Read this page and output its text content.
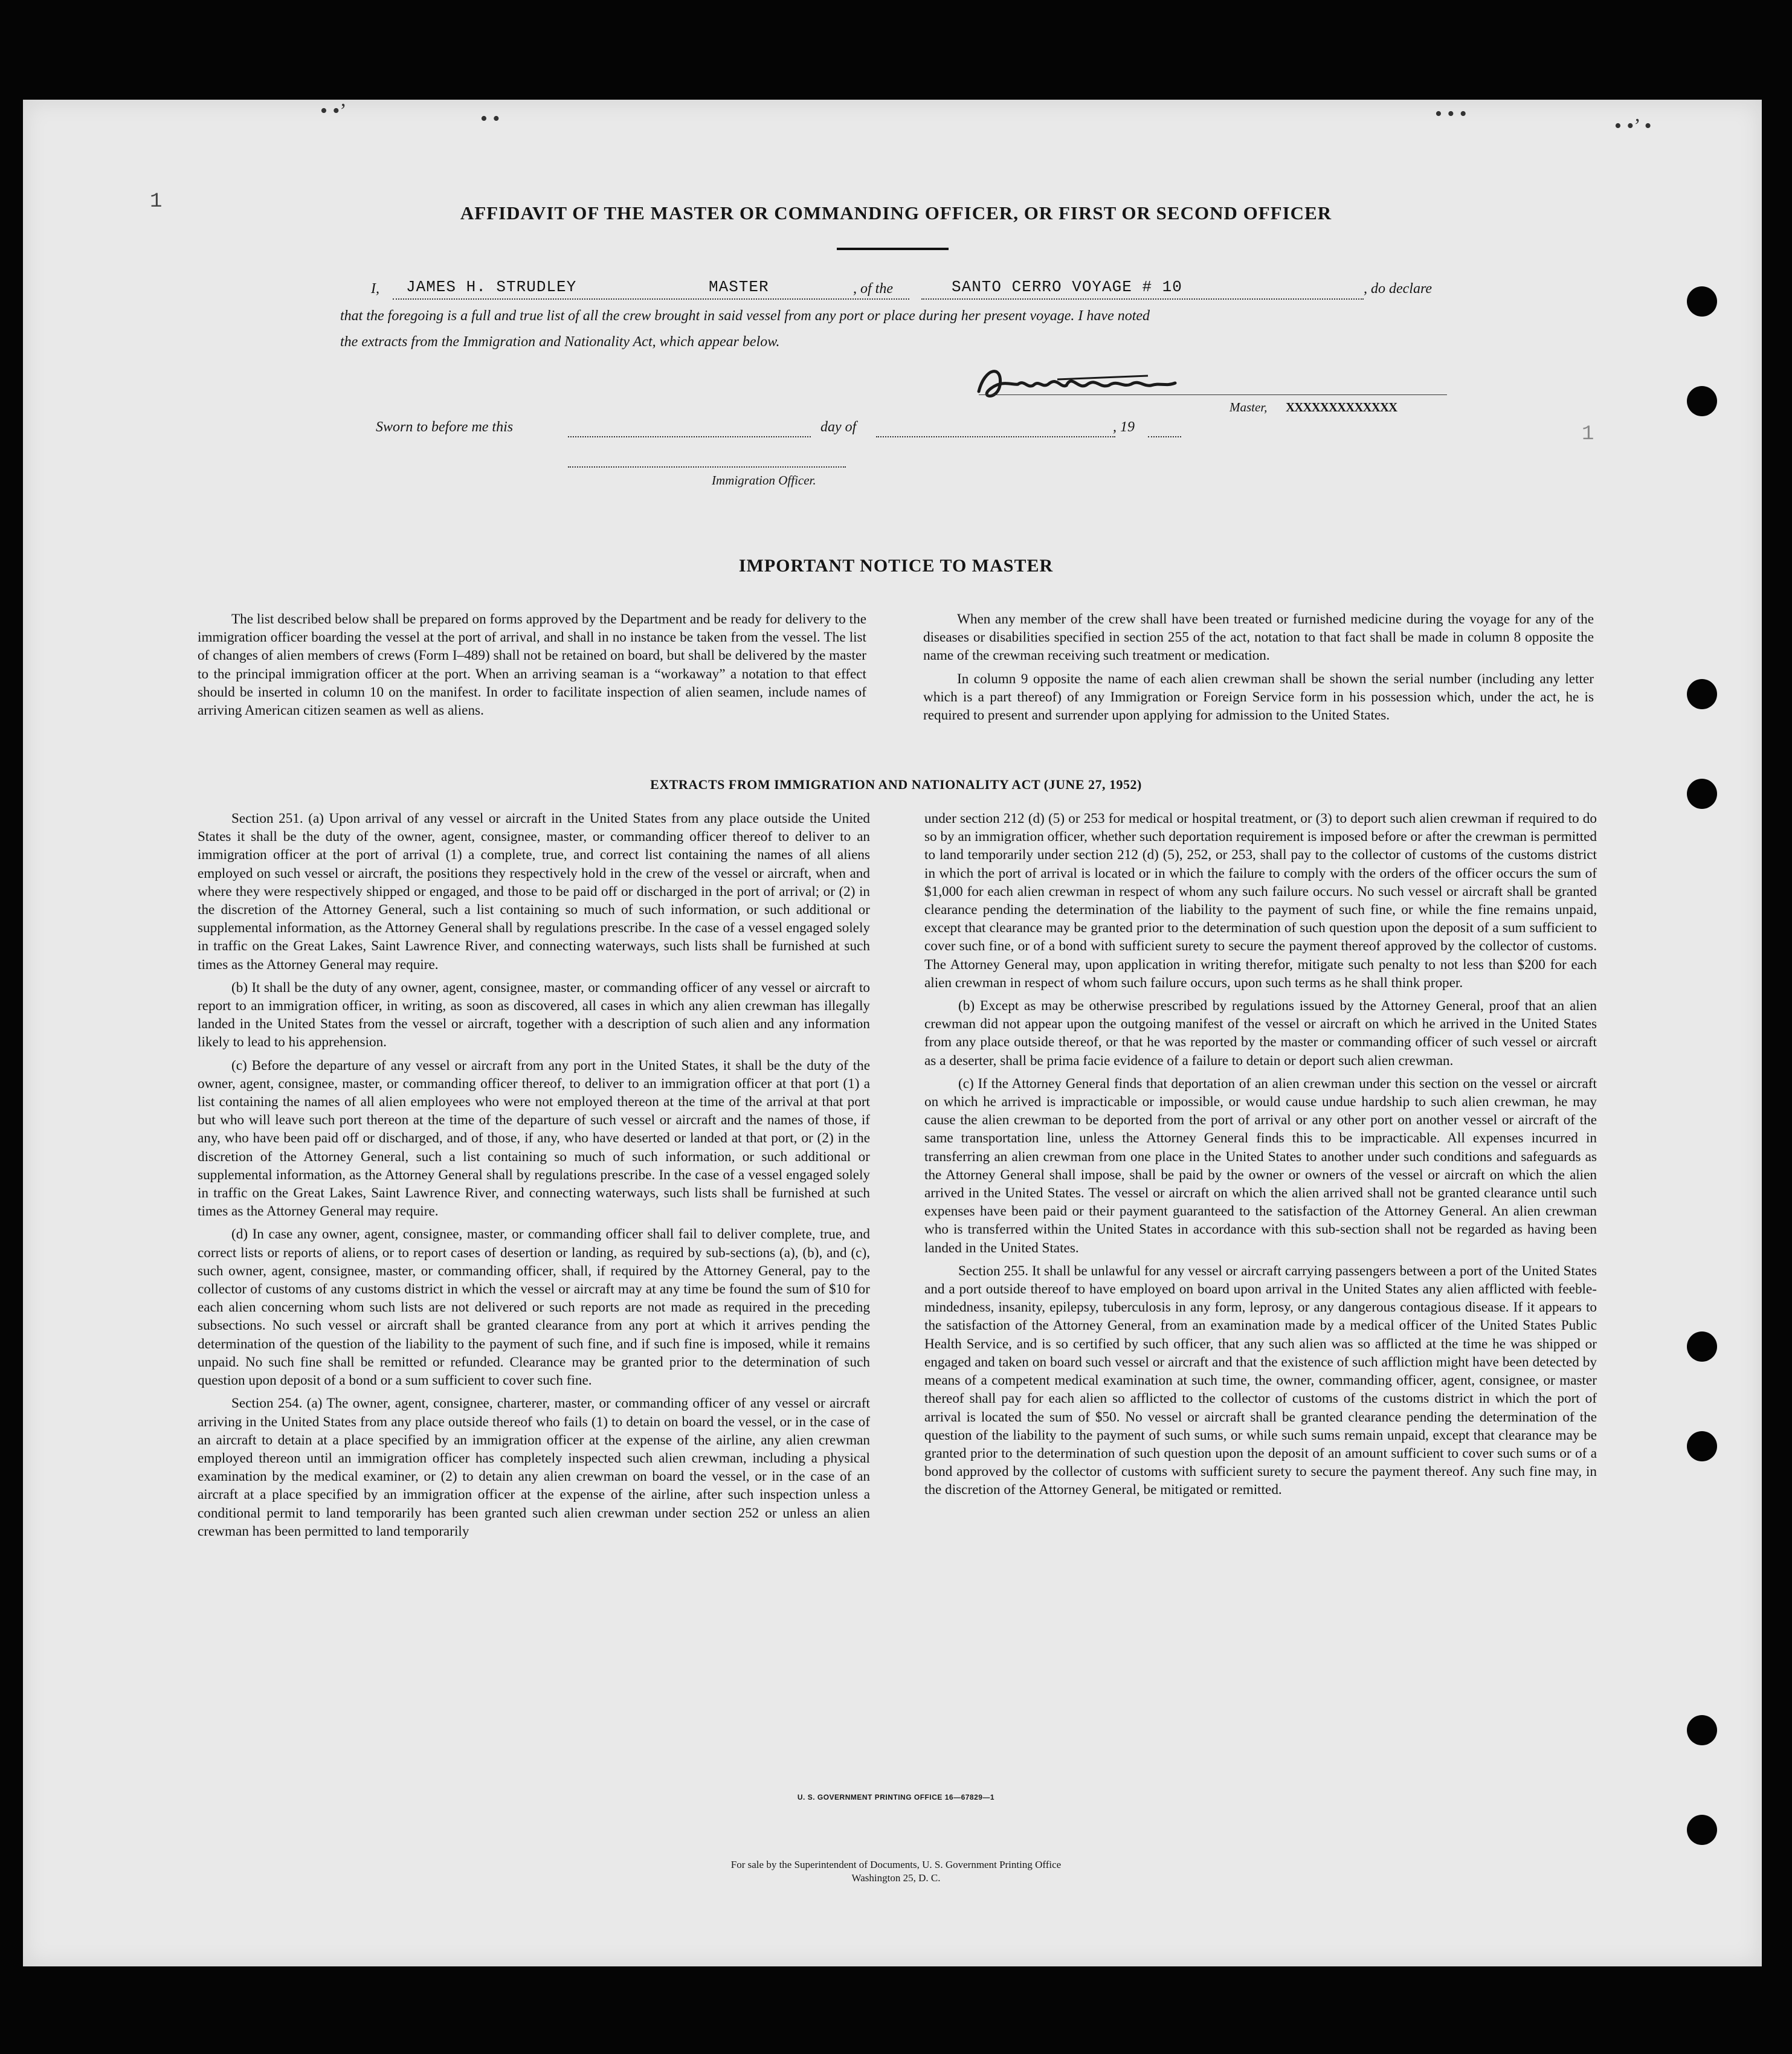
• •’	• •	• • •
• •’ •
1
1
AFFIDAVIT OF THE MASTER OR COMMANDING OFFICER, OR FIRST OR SECOND OFFICER
I, JAMES H. STRUDLEY	MASTER	, of the	SANTO CERRO VOYAGE # 10	, do declare
that the foregoing is a full and true list of all the crew brought in said vessel from any port or place during her present voyage. I have noted
the extracts from the Immigration and Nationality Act, which appear below.
Master, XXXXXXXXXXXXX
Sworn to before me this	day of	, 19
Immigration Officer.
IMPORTANT NOTICE TO MASTER

The list described below shall be prepared on forms approved by the Department and be ready for delivery to the immigration officer boarding the vessel at the port of arrival, and shall in no instance be taken from the vessel. The list of changes of alien members of crews (Form I–489) shall not be retained on board, but shall be delivered by the master to the principal immigration officer at the port. When an arriving seaman is a “workaway” a notation to that effect should be inserted in column 10 on the manifest. In order to facilitate inspection of alien seamen, include names of arriving American citizen seamen as well as aliens.

When any member of the crew shall have been treated or furnished medicine during the voyage for any of the diseases or disabilities specified in section 255 of the act, notation to that fact shall be made in column 8 opposite the name of the crewman receiving such treatment or medication.

In column 9 opposite the name of each alien crewman shall be shown the serial number (including any letter which is a part thereof) of any Immigration or Foreign Service form in his possession which, under the act, he is required to present and surrender upon applying for admission to the United States.

EXTRACTS FROM IMMIGRATION AND NATIONALITY ACT (JUNE 27, 1952)

Section 251. (a) Upon arrival of any vessel or aircraft in the United States from any place outside the United States it shall be the duty of the owner, agent, consignee, master, or commanding officer thereof to deliver to an immigration officer at the port of arrival (1) a complete, true, and correct list containing the names of all aliens employed on such vessel or aircraft, the positions they respectively hold in the crew of the vessel or aircraft, when and where they were respectively shipped or engaged, and those to be paid off or discharged in the port of arrival; or (2) in the discretion of the Attorney General, such a list containing so much of such information, or such additional or supplemental information, as the Attorney General shall by regulations prescribe. In the case of a vessel engaged solely in traffic on the Great Lakes, Saint Lawrence River, and connecting waterways, such lists shall be furnished at such times as the Attorney General may require.

(b) It shall be the duty of any owner, agent, consignee, master, or commanding officer of any vessel or aircraft to report to an immigration officer, in writing, as soon as discovered, all cases in which any alien crewman has illegally landed in the United States from the vessel or aircraft, together with a description of such alien and any information likely to lead to his apprehension.

(c) Before the departure of any vessel or aircraft from any port in the United States, it shall be the duty of the owner, agent, consignee, master, or commanding officer thereof, to deliver to an immigration officer at that port (1) a list containing the names of all alien employees who were not employed thereon at the time of the arrival at that port but who will leave such port thereon at the time of the departure of such vessel or aircraft and the names of those, if any, who have been paid off or discharged, and of those, if any, who have deserted or landed at that port, or (2) in the discretion of the Attorney General, such a list containing so much of such information, or such additional or supplemental information, as the Attorney General shall by regulations prescribe. In the case of a vessel engaged solely in traffic on the Great Lakes, Saint Lawrence River, and connecting waterways, such lists shall be furnished at such times as the Attorney General may require.

(d) In case any owner, agent, consignee, master, or commanding officer shall fail to deliver complete, true, and correct lists or reports of aliens, or to report cases of desertion or landing, as required by sub-sections (a), (b), and (c), such owner, agent, consignee, master, or commanding officer, shall, if required by the Attorney General, pay to the collector of customs of any customs district in which the vessel or aircraft may at any time be found the sum of $10 for each alien concerning whom such lists are not delivered or such reports are not made as required in the preceding subsections. No such vessel or aircraft shall be granted clearance from any port at which it arrives pending the determination of the question of the liability to the payment of such fine, and if such fine is imposed, while it remains unpaid. No such fine shall be remitted or refunded. Clearance may be granted prior to the determination of such question upon deposit of a bond or a sum sufficient to cover such fine.

Section 254. (a) The owner, agent, consignee, charterer, master, or commanding officer of any vessel or aircraft arriving in the United States from any place outside thereof who fails (1) to detain on board the vessel, or in the case of an aircraft to detain at a place specified by an immigration officer at the expense of the airline, any alien crewman employed thereon until an immigration officer has completely inspected such alien crewman, including a physical examination by the medical examiner, or (2) to detain any alien crewman on board the vessel, or in the case of an aircraft at a place specified by an immigration officer at the expense of the airline, after such inspection unless a conditional permit to land temporarily has been granted such alien crewman under section 252 or unless an alien crewman has been permitted to land temporarily

under section 212 (d) (5) or 253 for medical or hospital treatment, or (3) to deport such alien crewman if required to do so by an immigration officer, whether such deportation requirement is imposed before or after the crewman is permitted to land temporarily under section 212 (d) (5), 252, or 253, shall pay to the collector of customs of the customs district in which the port of arrival is located or in which the failure to comply with the orders of the officer occurs the sum of $1,000 for each alien crewman in respect of whom any such failure occurs. No such vessel or aircraft shall be granted clearance pending the determination of the liability to the payment of such fine, or while the fine remains unpaid, except that clearance may be granted prior to the determination of such question upon the deposit of a sum sufficient to cover such fine, or of a bond with sufficient surety to secure the payment thereof approved by the collector of customs. The Attorney General may, upon application in writing therefor, mitigate such penalty to not less than $200 for each alien crewman in respect of whom such failure occurs, upon such terms as he shall think proper.

(b) Except as may be otherwise prescribed by regulations issued by the Attorney General, proof that an alien crewman did not appear upon the outgoing manifest of the vessel or aircraft on which he arrived in the United States from any place outside thereof, or that he was reported by the master or commanding officer of such vessel or aircraft as a deserter, shall be prima facie evidence of a failure to detain or deport such alien crewman.

(c) If the Attorney General finds that deportation of an alien crewman under this section on the vessel or aircraft on which he arrived is impracticable or impossible, or would cause undue hardship to such alien crewman, he may cause the alien crewman to be deported from the port of arrival or any other port on another vessel or aircraft of the same transportation line, unless the Attorney General finds this to be impracticable. All expenses incurred in transferring an alien crewman from one place in the United States to another under such conditions and safeguards as the Attorney General shall impose, shall be paid by the owner or owners of the vessel or aircraft on which the alien arrived in the United States. The vessel or aircraft on which the alien arrived shall not be granted clearance until such expenses have been paid or their payment guaranteed to the satisfaction of the Attorney General. An alien crewman who is transferred within the United States in accordance with this sub-section shall not be regarded as having been landed in the United States.

Section 255. It shall be unlawful for any vessel or aircraft carrying passengers between a port of the United States and a port outside thereof to have employed on board upon arrival in the United States any alien afflicted with feeble-mindedness, insanity, epilepsy, tuberculosis in any form, leprosy, or any dangerous contagious disease. If it appears to the satisfaction of the Attorney General, from an examination made by a medical officer of the United States Public Health Service, and is so certified by such officer, that any such alien was so afflicted at the time he was shipped or engaged and taken on board such vessel or aircraft and that the existence of such affliction might have been detected by means of a competent medical examination at such time, the owner, commanding officer, agent, consignee, or master thereof shall pay for each alien so afflicted to the collector of customs of the customs district in which the port of arrival is located the sum of $50. No vessel or aircraft shall be granted clearance pending the determination of the question of the liability to the payment of such sums, or while such sums remain unpaid, except that clearance may be granted prior to the determination of such question upon the deposit of an amount sufficient to cover such sums or of a bond approved by the collector of customs with sufficient surety to secure the payment thereof. Any such fine may, in the discretion of the Attorney General, be mitigated or remitted.

U. S. GOVERNMENT PRINTING OFFICE 16—67829—1
For sale by the Superintendent of Documents, U. S. Government Printing Office
Washington 25, D. C.
